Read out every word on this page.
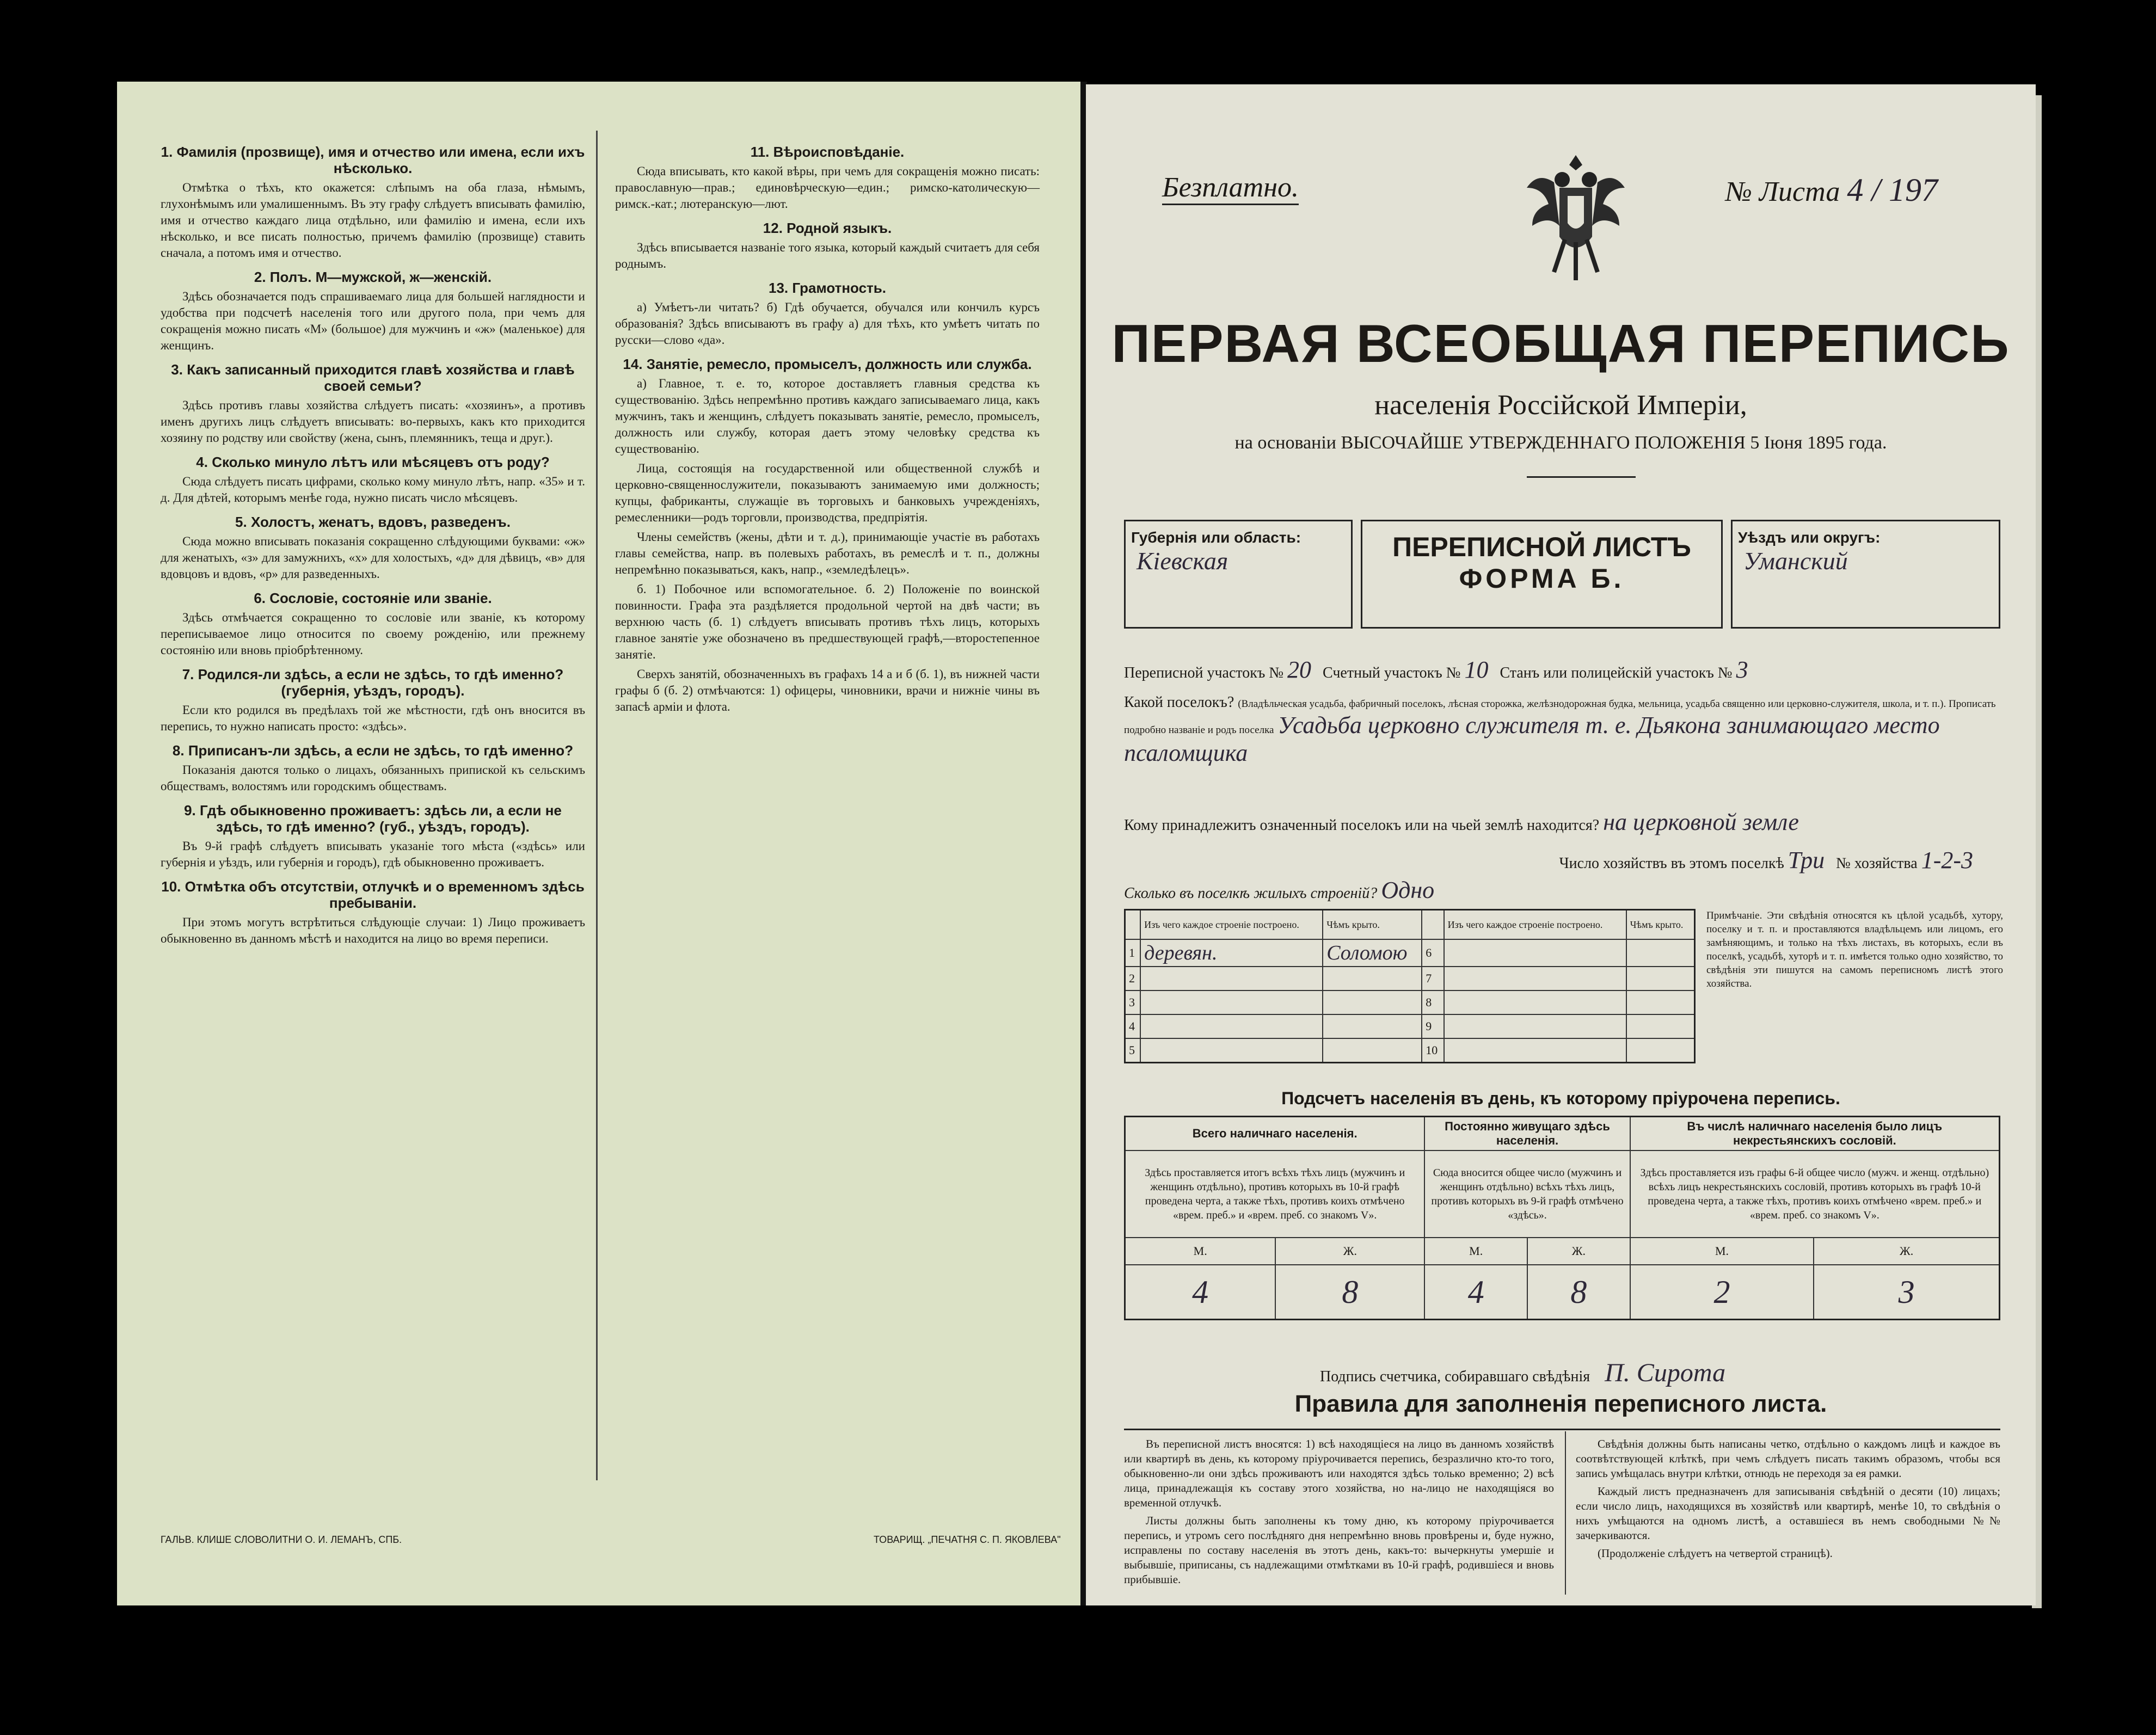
1. Фамилія (прозвище), имя и отчество или имена, если ихъ нѣсколько.

Отмѣтка о тѣхъ, кто окажется: слѣпымъ на оба глаза, нѣмымъ, глухонѣмымъ или умалишеннымъ. Въ эту графу слѣдуетъ вписывать фамилію, имя и отчество каждаго лица отдѣльно, или фамилію и имена, если ихъ нѣсколько, и все писать полностью, причемъ фамилію (прозвище) ставить сначала, а потомъ имя и отчество.

2. Полъ. М—мужской, ж—женскій.

Здѣсь обозначается подъ спрашиваемаго лица для большей наглядности и удобства при подсчетѣ населенія того или другого пола, при чемъ для сокращенія можно писать «М» (большое) для мужчинъ и «ж» (маленькое) для женщинъ.

3. Какъ записанный приходится главѣ хозяйства и главѣ своей семьи?

Здѣсь противъ главы хозяйства слѣдуетъ писать: «хозяинъ», а противъ именъ другихъ лицъ слѣдуетъ вписывать: во-первыхъ, какъ кто приходится хозяину по родству или свойству (жена, сынъ, племянникъ, теща и друг.).

4. Сколько минуло лѣтъ или мѣсяцевъ отъ роду?

Сюда слѣдуетъ писать цифрами, сколько кому минуло лѣтъ, напр. «35» и т. д. Для дѣтей, которымъ менѣе года, нужно писать число мѣсяцевъ.

5. Холостъ, женатъ, вдовъ, разведенъ.

Сюда можно вписывать показанія сокращенно слѣдующими буквами: «ж» для женатыхъ, «з» для замужнихъ, «х» для холостыхъ, «д» для дѣвицъ, «в» для вдовцовъ и вдовъ, «р» для разведенныхъ.

6. Сословіе, состояніе или званіе.

Здѣсь отмѣчается сокращенно то сословіе или званіе, къ которому переписываемое лицо относится по своему рожденію, или прежнему состоянію или вновь пріобрѣтенному.

7. Родился-ли здѣсь, а если не здѣсь, то гдѣ именно? (губернія, уѣздъ, городъ).

Если кто родился въ предѣлахъ той же мѣстности, гдѣ онъ вносится въ перепись, то нужно написать просто: «здѣсь».

8. Приписанъ-ли здѣсь, а если не здѣсь, то гдѣ именно?

Показанія даются только о лицахъ, обязанныхъ припиской къ сельскимъ обществамъ, волостямъ или городскимъ обществамъ.

9. Гдѣ обыкновенно проживаетъ: здѣсь ли, а если не здѣсь, то гдѣ именно? (губ., уѣздъ, городъ).

Въ 9-й графѣ слѣдуетъ вписывать указаніе того мѣста («здѣсь» или губернія и уѣздъ, или губернія и городъ), гдѣ обыкновенно проживаетъ.

10. Отмѣтка объ отсутствіи, отлучкѣ и о временномъ здѣсь пребываніи.

При этомъ могутъ встрѣтиться слѣдующіе случаи: 1) Лицо проживаетъ обыкновенно въ данномъ мѣстѣ и находится на лицо во время переписи.

11. Вѣроисповѣданіе.

Сюда вписывать, кто какой вѣры, при чемъ для сокращенія можно писать: православную—прав.; единовѣрческую—един.; римско-католическую—римск.-кат.; лютеранскую—лют.

12. Родной языкъ.

Здѣсь вписывается названіе того языка, который каждый считаетъ для себя роднымъ.

13. Грамотность.

а) Умѣетъ-ли читать? б) Гдѣ обучается, обучался или кончилъ курсъ образованія? Здѣсь вписываютъ въ графу а) для тѣхъ, кто умѣетъ читать по русски—слово «да».

14. Занятіе, ремесло, промыселъ, должность или служба.

а) Главное, т. е. то, которое доставляетъ главныя средства къ существованію. Здѣсь непремѣнно противъ каждаго записываемаго лица, какъ мужчинъ, такъ и женщинъ, слѣдуетъ показывать занятіе, ремесло, промыселъ, должность или службу, которая даетъ этому человѣку средства къ существованію.

Лица, состоящія на государственной или общественной службѣ и церковно-священнослужители, показываютъ занимаемую ими должность; купцы, фабриканты, служащіе въ торговыхъ и банковыхъ учрежденіяхъ, ремесленники—родъ торговли, производства, предпріятія.

Члены семействъ (жены, дѣти и т. д.), принимающіе участіе въ работахъ главы семейства, напр. въ полевыхъ работахъ, въ ремеслѣ и т. п., должны непремѣнно показываться, какъ, напр., «земледѣлецъ».

б. 1) Побочное или вспомогательное. б. 2) Положеніе по воинской повинности. Графа эта раздѣляется продольной чертой на двѣ части; въ верхнюю часть (б. 1) слѣдуетъ вписывать противъ тѣхъ лицъ, которыхъ главное занятіе уже обозначено въ предшествующей графѣ,—второстепенное занятіе.

Сверхъ занятій, обозначенныхъ въ графахъ 14 а и б (б. 1), въ нижней части графы б (б. 2) отмѣчаются: 1) офицеры, чиновники, врачи и нижніе чины въ запасѣ арміи и флота.

ГАЛЬВ. КЛИШЕ СЛОВОЛИТНИ О. И. ЛЕМАНЪ, СПБ.	ТОВАРИЩ. „ПЕЧАТНЯ С. П. ЯКОВЛЕВА"
Безплатно.	№ Листа 4 / 197
ПЕРВАЯ ВСЕОБЩАЯ ПЕРЕПИСЬ
населенія Россійской Имперіи,
на основаніи ВЫСОЧАЙШЕ УТВЕРЖДЕННАГО ПОЛОЖЕНІЯ 5 Іюня 1895 года.
Губернія или область:
Кіевская	ПЕРЕПИСНОЙ ЛИСТЪ
ФОРМА Б.
Уѣздъ или округъ:
Уманский
Переписной участокъ № 20 Счетный участокъ № 10 Станъ или полицейскій участокъ № 3
Какой поселокъ? (Владѣльческая усадьба, фабричный поселокъ, лѣсная сторожка, желѣзнодорожная будка, мельница, усадьба священно или церковно-служителя, школа, и т. п.). Прописать подробно названіе и родъ поселка Усадьба церковно служителя т. е. Дьякона занимающаго место псаломщика
Кому принадлежитъ означенный поселокъ или на чьей землѣ находится? на церковной земле
Число хозяйствъ въ этомъ поселкѣ Три № хозяйства 1-2-3
Сколько въ поселкѣ жилыхъ строеній? Одно
	Изъ чего каждое строеніе построено.	Чѣмъ крыто.		Изъ чего каждое строеніе построено.	Чѣмъ крыто.
1	деревян.	Соломою	6		
2			7		
3			8		
4			9		
5			10		
Примѣчаніе. Эти свѣдѣнія относятся къ цѣлой усадьбѣ, хутору, поселку и т. п. и проставляются владѣльцемъ или лицомъ, его замѣняющимъ, и только на тѣхъ листахъ, въ которыхъ, если въ поселкѣ, усадьбѣ, хуторѣ и т. п. имѣется только одно хозяйство, то свѣдѣнія эти пишутся на самомъ переписномъ листѣ этого хозяйства.
Подсчетъ населенія въ день, къ которому пріурочена перепись.
Всего наличнаго населенія.		Постоянно живущаго здѣсь населенія.		Въ числѣ наличнаго населенія было лицъ некрестьянскихъ сословій.	
Здѣсь проставляется итогъ всѣхъ тѣхъ лицъ (мужчинъ и женщинъ отдѣльно), противъ которыхъ въ 10-й графѣ проведена черта, а также тѣхъ, противъ коихъ отмѣчено «врем. преб.» и «врем. преб. со знакомъ V».		Сюда вносится общее число (мужчинъ и женщинъ отдѣльно) всѣхъ тѣхъ лицъ, противъ которыхъ въ 9-й графѣ отмѣчено «здѣсь».		Здѣсь проставляется изъ графы 6-й общее число (мужч. и женщ. отдѣльно) всѣхъ лицъ некрестьянскихъ сословій, противъ которыхъ въ графѣ 10-й проведена черта, а также тѣхъ, противъ коихъ отмѣчено «врем. преб.» и «врем. преб. со знакомъ V».	
М.	Ж.	М.	Ж.	М.	Ж.
4	8	4	8	2	3
Подпись счетчика, собиравшаго свѣдѣнія П. Сирота
Правила для заполненія переписного листа.

Въ переписной листъ вносятся: 1) всѣ находящіеся на лицо въ данномъ хозяйствѣ или квартирѣ въ день, къ которому пріурочивается перепись, безразлично кто-то того, обыкновенно-ли они здѣсь проживаютъ или находятся здѣсь только временно; 2) всѣ лица, принадлежащія къ составу этого хозяйства, но на-лицо не находящіяся во временной отлучкѣ.

Листы должны быть заполнены къ тому дню, къ которому пріурочивается перепись, и утромъ сего послѣдняго дня непремѣнно вновь провѣрены и, буде нужно, исправлены по составу населенія въ этотъ день, какъ-то: вычеркнуты умершіе и выбывшіе, приписаны, съ надлежащими отмѣтками въ 10-й графѣ, родившіеся и вновь прибывшіе.

Свѣдѣнія должны быть написаны четко, отдѣльно о каждомъ лицѣ и каждое въ соотвѣтствующей клѣткѣ, при чемъ слѣдуетъ писать такимъ образомъ, чтобы вся запись умѣщалась внутри клѣтки, отнюдь не переходя за ея рамки.

Каждый листъ предназначенъ для записыванія свѣдѣній о десяти (10) лицахъ; если число лицъ, находящихся въ хозяйствѣ или квартирѣ, менѣе 10, то свѣдѣнія о нихъ умѣщаются на одномъ листѣ, а оставшіеся въ немъ свободными №№ зачеркиваются.

(Продолженіе слѣдуетъ на четвертой страницѣ).
